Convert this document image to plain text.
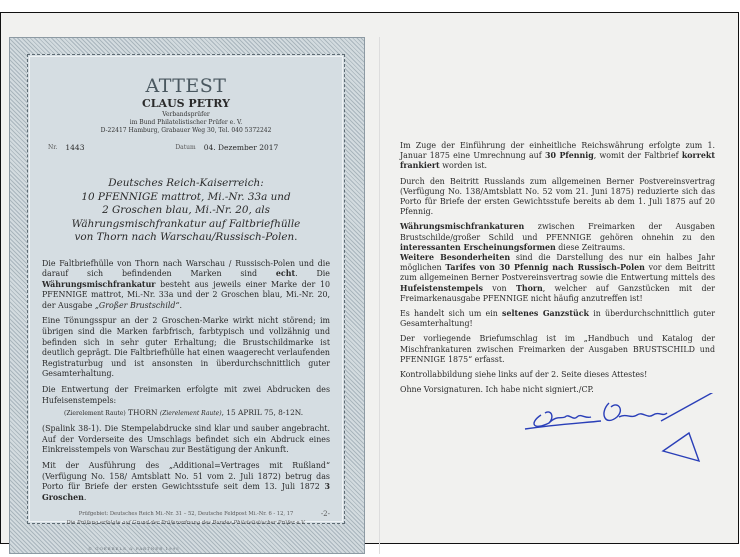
ATTEST
CLAUS PETRY
Verbandsprüfer
im Bund Philatelistischer Prüfer e. V.
D-22417 Hamburg, Grabauer Weg 30, Tel. 040 5372242
Nr. 1443	Datum 04. Dezember 2017
Deutsches Reich-Kaiserreich:
10 PFENNIGE mattrot, Mi.-Nr. 33a und
2 Groschen blau, Mi.-Nr. 20, als
Währungsmischfrankatur auf Faltbriefhülle
von Thorn nach Warschau/Russisch-Polen.

Die Faltbriefhülle von Thorn nach Warschau / Russisch-Polen und die darauf sich befindenden Marken sind echt. Die Währungsmischfrankatur besteht aus jeweils einer Marke der 10 PFENNIGE mattrot, Mi.-Nr. 33a und der 2 Groschen blau, Mi.-Nr. 20, der Ausgabe „Großer Brustschild“.

Eine Tönungsspur an der 2 Groschen-Marke wirkt nicht störend; im übrigen sind die Marken farbfrisch, farbtypisch und vollzähnig und befinden sich in sehr guter Erhaltung; die Brustschildmarke ist deutlich geprägt. Die Faltbriefhülle hat einen waagerecht verlaufenden Registraturbug und ist ansonsten in überdurchschnittlich guter Gesamterhaltung.

Die Entwertung der Freimarken erfolgte mit zwei Abdrucken des Hufeisenstempels:

(Zierelement Raute) THORN (Zierelement Raute), 15 APRIL 75, 8-12N.

(Spalink 38-1). Die Stempelabdrucke sind klar und sauber angebracht. Auf der Vorderseite des Umschlags befindet sich ein Abdruck eines Einkreisstempels von Warschau zur Bestätigung der Ankunft.

Mit der Ausführung des „Additional=Vertrages mit Rußland“ (Verfügung No. 158/ Amtsblatt No. 51 vom 2. Juli 1872) betrug das Porto für Briefe der ersten Gewichtsstufe seit dem 13. Juli 1872 3 Groschen.

-2-
Prüfgebiet: Deutsches Reich Mi.-Nr. 31 – 52, Deutsche Feldpost Mi.-Nr. 6 - 12, 17
Die Prüfung erfolgte auf Grund der Prüferordnung des Bundes Philatelistischer Prüfer e.V.
© GOEBBELS & PARTNER 1995

Im Zuge der Einführung der einheitliche Reichswährung erfolgte zum 1. Januar 1875 eine Umrechnung auf 30 Pfennig, womit der Faltbrief korrekt frankiert worden ist.

Durch den Beitritt Russlands zum allgemeinen Berner Postvereinsvertrag (Verfügung No. 138/Amtsblatt No. 52 vom 21. Juni 1875) reduzierte sich das Porto für Briefe der ersten Gewichtsstufe bereits ab dem 1. Juli 1875 auf 20 Pfennig.

Währungsmischfrankaturen zwischen Freimarken der Ausgaben Brustschilde/großer Schild und PFENNIGE gehören ohnehin zu den interessanten Erscheinungsformen diese Zeitraums.

Weitere Besonderheiten sind die Darstellung des nur ein halbes Jahr möglichen Tarifes von 30 Pfennig nach Russisch-Polen vor dem Beitritt zum allgemeinen Berner Postvereinsvertrag sowie die Entwertung mittels des Hufeistenstempels von Thorn, welcher auf Ganzstücken mit der Freimarkenausgabe PFENNIGE nicht häufig anzutreffen ist!

Es handelt sich um ein seltenes Ganzstück in überdurchschnittlich guter Gesamterhaltung!

Der vorliegende Briefumschlag ist im „Handbuch und Katalog der Mischfrankaturen zwischen Freimarken der Ausgaben BRUSTSCHILD und PFENNIGE 1875“ erfasst.

Kontrollabbildung siehe links auf der 2. Seite dieses Attestes!

Ohne Vorsignaturen. Ich habe nicht signiert./CP.
